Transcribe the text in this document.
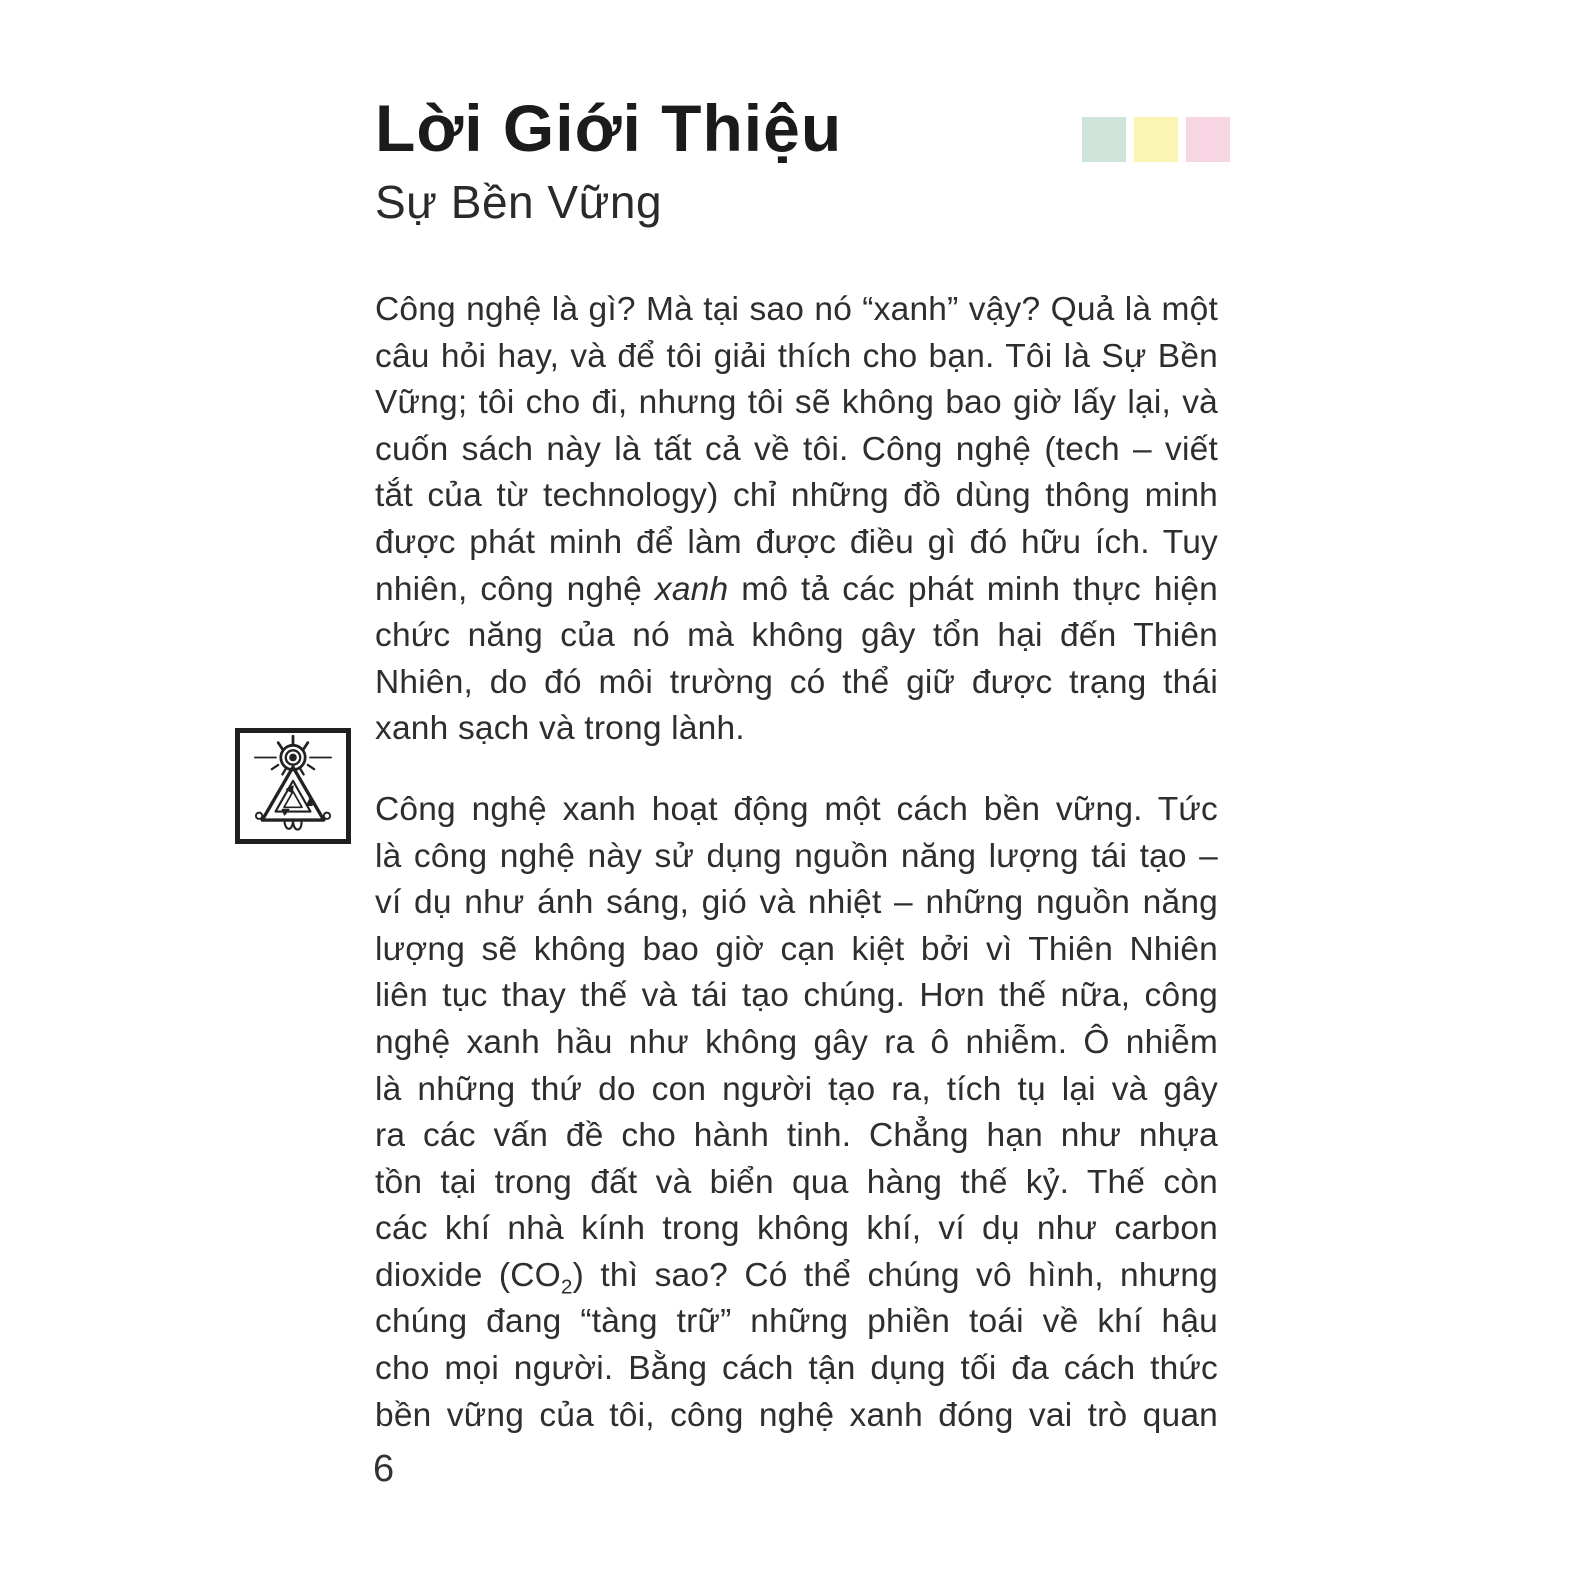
Lời Giới Thiệu
Sự Bền Vững
Công nghệ là gì? Mà tại sao nó “xanh” vậy? Quả là một
câu hỏi hay, và để tôi giải thích cho bạn. Tôi là Sự Bền
Vững; tôi cho đi, nhưng tôi sẽ không bao giờ lấy lại, và
cuốn sách này là tất cả về tôi. Công nghệ (tech – viết
tắt của từ technology) chỉ những đồ dùng thông minh
được phát minh để làm được điều gì đó hữu ích. Tuy
nhiên, công nghệ xanh mô tả các phát minh thực hiện
chức năng của nó mà không gây tổn hại đến Thiên
Nhiên, do đó môi trường có thể giữ được trạng thái
xanh sạch và trong lành.
Công nghệ xanh hoạt động một cách bền vững. Tức
là công nghệ này sử dụng nguồn năng lượng tái tạo –
ví dụ như ánh sáng, gió và nhiệt – những nguồn năng
lượng sẽ không bao giờ cạn kiệt bởi vì Thiên Nhiên
liên tục thay thế và tái tạo chúng. Hơn thế nữa, công
nghệ xanh hầu như không gây ra ô nhiễm. Ô nhiễm
là những thứ do con người tạo ra, tích tụ lại và gây
ra các vấn đề cho hành tinh. Chẳng hạn như nhựa
tồn tại trong đất và biển qua hàng thế kỷ. Thế còn
các khí nhà kính trong không khí, ví dụ như carbon
dioxide $(CO_2)$ thì sao? Có thể chúng vô hình, nhưng
chúng đang “tàng trữ” những phiền toái về khí hậu
cho mọi người. Bằng cách tận dụng tối đa cách thức
bền vững của tôi, công nghệ xanh đóng vai trò quan
6
